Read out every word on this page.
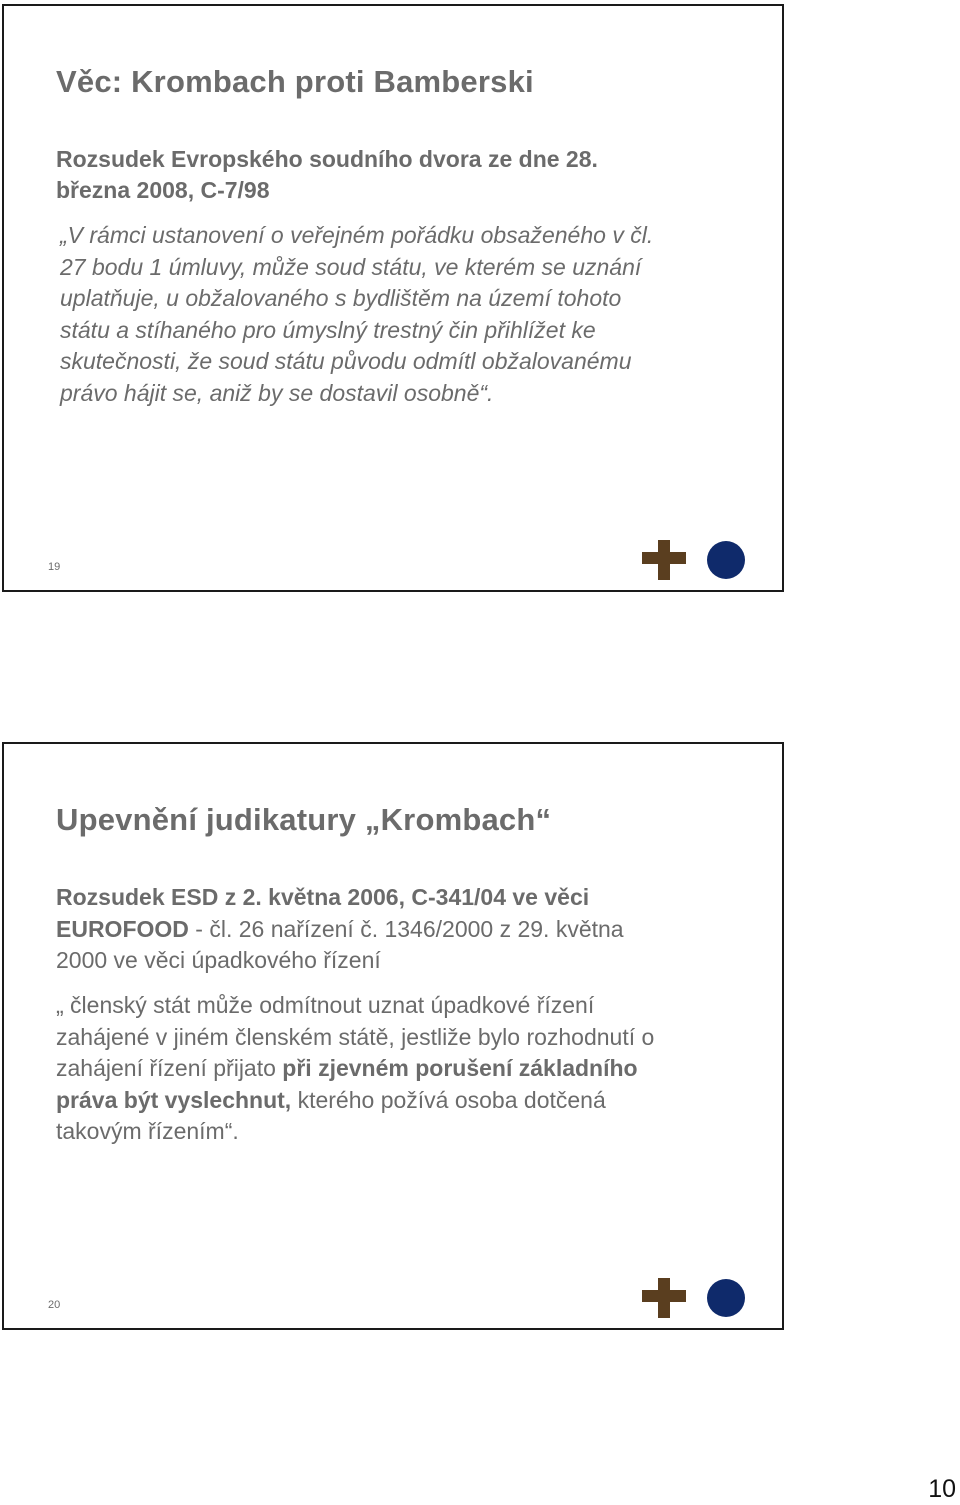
Věc: Krombach proti Bamberski

Rozsudek Evropského soudního dvora ze dne 28.
března 2008, C-7/98

„V rámci ustanovení o veřejném pořádku obsaženého v čl.
27 bodu 1 úmluvy, může soud státu, ve kterém se uznání
uplatňuje, u obžalovaného s bydlištěm na území tohoto
státu a stíhaného pro úmyslný trestný čin přihlížet ke
skutečnosti, že soud státu původu odmítl obžalovanému
právo hájit se, aniž by se dostavil osobně“.

19
Upevnění judikatury „Krombach“

Rozsudek ESD z 2. května 2006, C-341/04 ve věci
EUROFOOD - čl. 26 nařízení č. 1346/2000 z 29. května
2000 ve věci úpadkového řízení

„ členský stát může odmítnout uznat úpadkové řízení
zahájené v jiném členském státě, jestliže bylo rozhodnutí o
zahájení řízení přijato při zjevném porušení základního
práva být vyslechnut, kterého požívá osoba dotčená
takovým řízením“.

20
10
